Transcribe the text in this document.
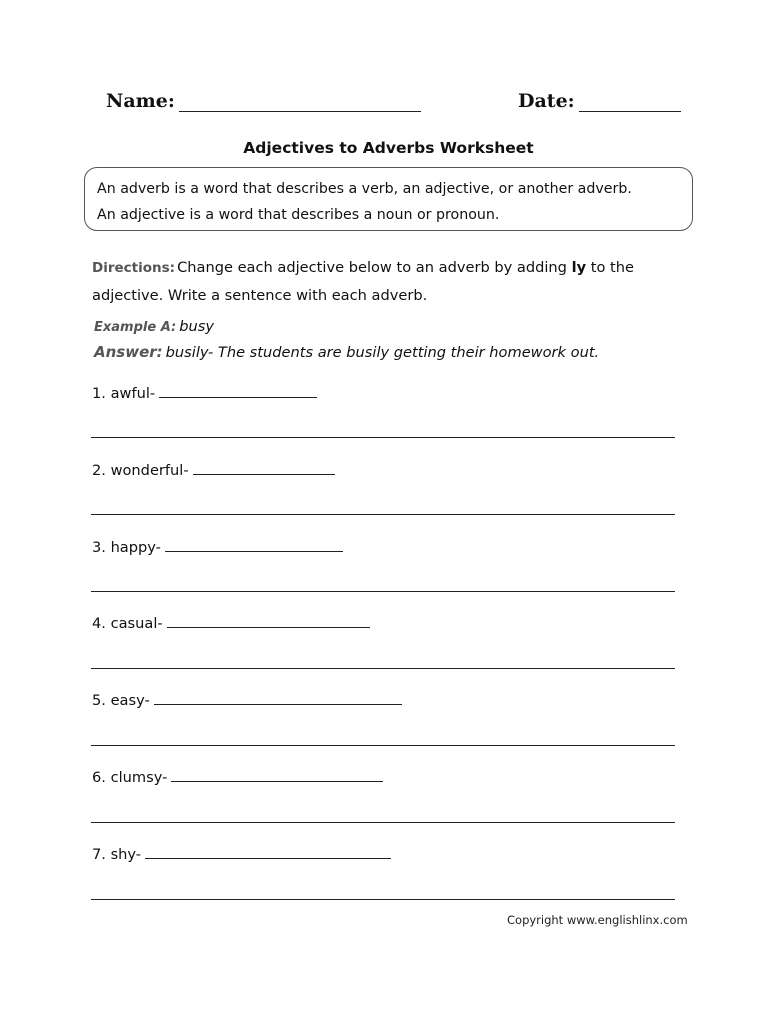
Name:	Date:
Adjectives to Adverbs Worksheet
An adverb is a word that describes a verb, an adjective, or another adverb.
An adjective is a word that describes a noun or pronoun.
Directions: Change each adjective below to an adverb by adding ly to the adjective. Write a sentence with each adverb.
Example A: busy
Answer: busily- The students are busily getting their homework out.
1. awful-
2. wonderful-
3. happy-
4. casual-
5. easy-
6. clumsy-
7. shy-
Copyright www.englishlinx.com
